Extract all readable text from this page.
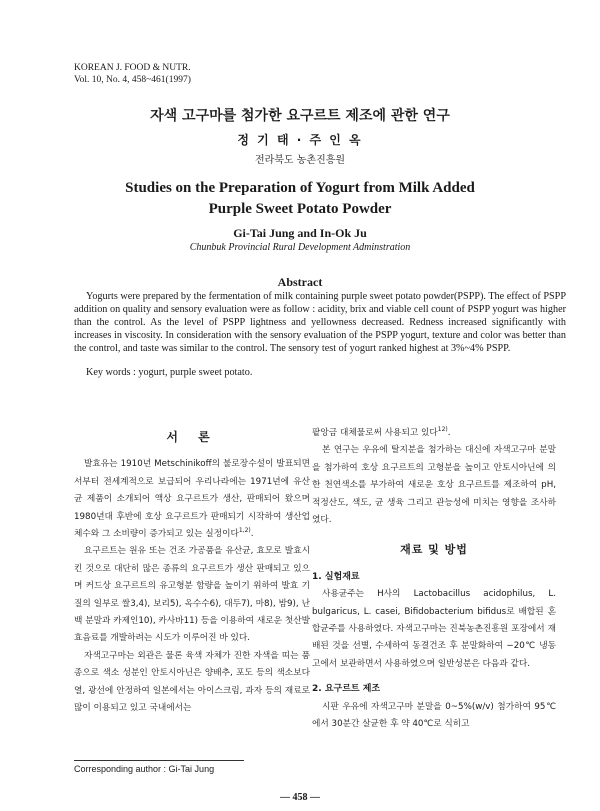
KOREAN J. FOOD & NUTR.
Vol. 10, No. 4, 458~461(1997)
자색 고구마를 첨가한 요구르트 제조에 관한 연구
정 기 태 · 주 인 옥
전라북도 농촌진흥원
Studies on the Preparation of Yogurt from Milk Added
Purple Sweet Potato Powder
Gi-Tai Jung and In-Ok Ju
Chunbuk Provincial Rural Development Adminstration
Abstract

Yogurts were prepared by the fermentation of milk containing purple sweet potato powder(PSPP). The effect of PSPP addition on quality and sensory evaluation were as follow : acidity, brix and viable cell count of PSPP yogurt was higher than the control. As the level of PSPP lightness and yellowness decreased. Redness increased significantly with increases in viscosity. In consideration with the sensory evaluation of the PSPP yogurt, texture and color was better than the control, and taste was similar to the control. The sensory test of yogurt ranked highest at 3%~4% PSPP.

Key words : yogurt, purple sweet potato.
서 론

발효유는 1910년 Metschinikoff의 불로장수설이 발표되면서부터 전세계적으로 보급되어 우리나라에는 1971년에 유산균 제품이 소개되어 액상 요구르트가 생산, 판매되어 왔으며 1980년대 후반에 호상 요구르트가 판매되기 시작하여 생산업체수와 그 소비량이 증가되고 있는 실정이다$^{1,2)}$.

요구르트는 원유 또는 건조 가공품을 유산균, 효모로 발효시킨 것으로 대단히 많은 종류의 요구르트가 생산 판매되고 있으며 커드상 요구르트의 유고형분 함량을 높이기 위하여 발효 기질의 일부로 쌀3,4), 보리5), 옥수수6), 대두7), 마8), 밤9), 난백 분말과 카제인10), 카사바11) 등을 이용하여 새로운 첫산발효음료를 개발하려는 시도가 이루어진 바 있다.

자색고구마는 외관은 물론 육색 자체가 진한 자색을 띠는 품종으로 색소 성분인 안토시아닌은 양배추, 포도 등의 색소보다 열, 광선에 안정하여 일본에서는 아이스크림, 과자 등의 재료로 많이 이용되고 있고 국내에서는

팥앙금 대체물로써 사용되고 있다$^{12)}$.

본 연구는 우유에 탈지분을 첨가하는 대신에 자색고구마 분말을 첨가하여 호상 요구르트의 고형분을 높이고 안토시아닌에 의한 천연색소를 부가하여 새로운 호상 요구르트를 제조하여 pH, 적정산도, 색도, 균 생육 그리고 관능성에 미치는 영향을 조사하였다.

재료 및 방법
1. 실험재료

사용균주는 H사의 Lactobacillus acidophilus, L. bulgaricus, L. casei, Bifidobacterium bifidus로 배합된 혼합균주를 사용하였다. 자색고구마는 진북농촌진흥원 포장에서 재배된 것을 선별, 수세하여 동결건조 후 분말화하여 −20℃ 냉동고에서 보관하면서 사용하였으며 일반성분은 다음과 같다.

2. 요구르트 제조

시판 우유에 자색고구마 분말을 0~5%(w/v) 첨가하여 95℃에서 30분간 살균한 후 약 40℃로 식히고

Corresponding author : Gi-Tai Jung
— 458 —
